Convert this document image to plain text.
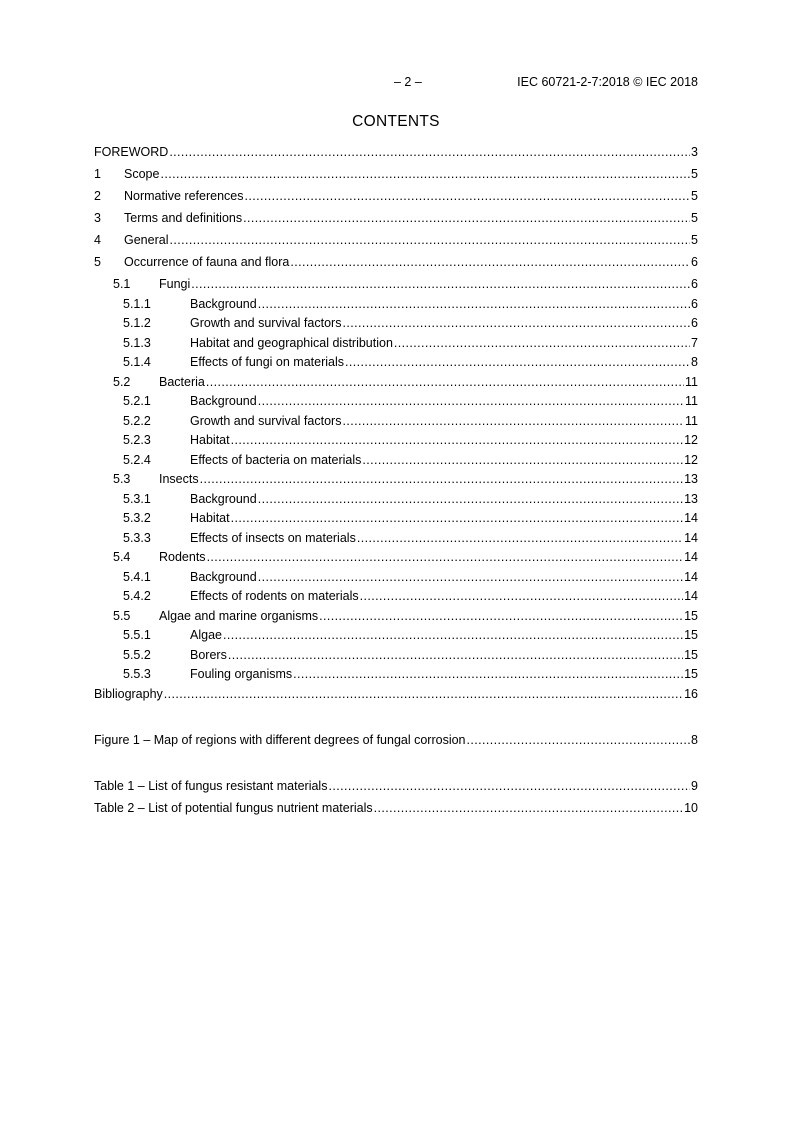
– 2 –	IEC 60721-2-7:2018 © IEC 2018
CONTENTS
FOREWORD .....	3
1	Scope .....	5
2	Normative references .....	5
3	Terms and definitions .....	5
4	General .....	5
5	Occurrence of fauna and flora .....	6
5.1	Fungi .....	6
5.1.1	Background .....	6
5.1.2	Growth and survival factors .....	6
5.1.3	Habitat and geographical distribution .....	7
5.1.4	Effects of fungi on materials .....	8
5.2	Bacteria .....	11
5.2.1	Background .....	11
5.2.2	Growth and survival factors .....	11
5.2.3	Habitat .....	12
5.2.4	Effects of bacteria on materials .....	12
5.3	Insects .....	13
5.3.1	Background .....	13
5.3.2	Habitat .....	14
5.3.3	Effects of insects on materials .....	14
5.4	Rodents .....	14
5.4.1	Background .....	14
5.4.2	Effects of rodents on materials .....	14
5.5	Algae and marine organisms .....	15
5.5.1	Algae .....	15
5.5.2	Borers .....	15
5.5.3	Fouling organisms .....	15
Bibliography .....	16
Figure 1 – Map of regions with different degrees of fungal corrosion .....	8
Table 1 – List of fungus resistant materials .....	9
Table 2 – List of potential fungus nutrient materials .....	10
